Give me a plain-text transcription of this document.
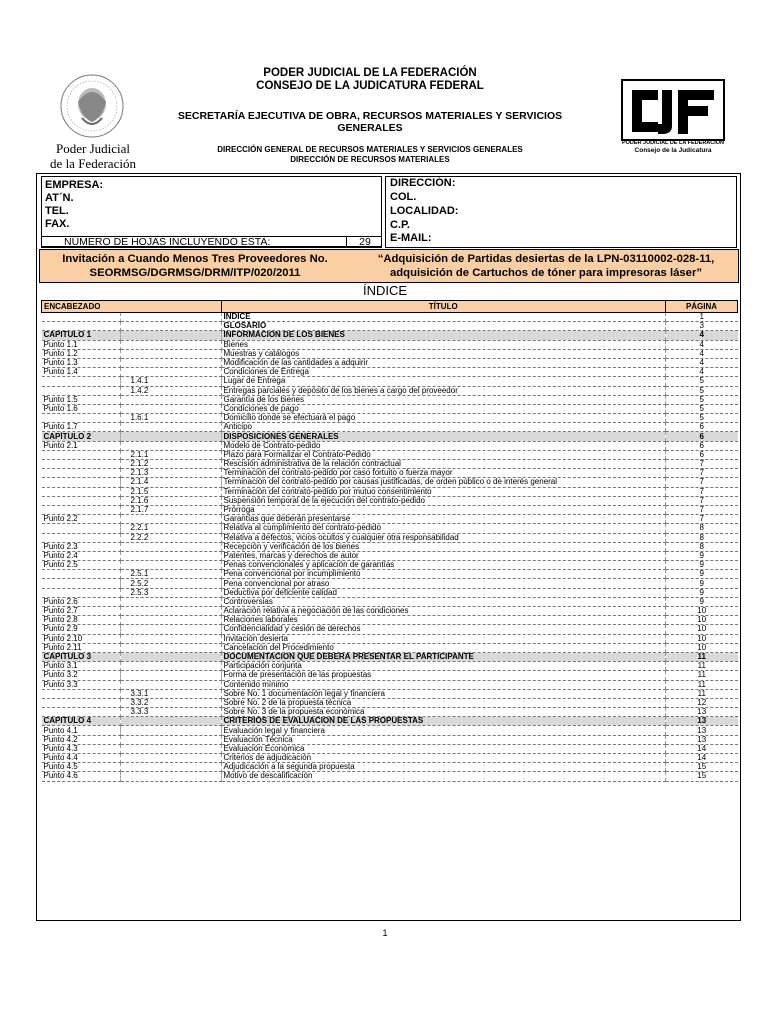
Poder Judicial
de la Federación
PODER JUDICIAL DE LA FEDERACIÓN
CONSEJO DE LA JUDICATURA FEDERAL
SECRETARÍA EJECUTIVA DE OBRA, RECURSOS MATERIALES Y SERVICIOS
GENERALES
DIRECCIÓN GENERAL DE RECURSOS MATERIALES Y SERVICIOS GENERALES
DIRECCIÓN DE RECURSOS MATERIALES
PODER JUDICIAL DE LA FEDERACIÓN
Consejo de la Judicatura
EMPRESA:
AT´N.
TEL.
FAX.
NÚMERO DE HOJAS INCLUYENDO ESTA:	29
DIRECCIÓN:
COL.
LOCALIDAD:
C.P.
E-MAIL:
Invitación a Cuando Menos Tres Proveedores No.
SEORMSG/DGRMSG/DRM/ITP/020/2011
“Adquisición de Partidas desiertas de la LPN-03110002-028-11,
adquisición de Cartuchos de tóner para impresoras láser”
ÍNDICE
ENCABEZADO		TÍTULO	PÁGINA
		INDICE	1
		GLOSARIO	3
CAPÍTULO 1		INFORMACIÓN DE LOS BIENES	4
Punto 1.1		Bienes	4
Punto 1.2		Muestras y catálogos	4
Punto 1.3		Modificación de las cantidades a adquirir	4
Punto 1.4		Condiciones de Entrega	4
	1.4.1	Lugar de Entrega	5
	1.4.2	Entregas parciales y depósito de los bienes a cargo del proveedor	5
Punto 1.5		Garantía de los bienes	5
Punto 1.6		Condiciones de pago	5
	1.6.1	Domicilio donde se efectuará el pago	5
Punto 1.7		Anticipo	6
CAPÍTULO 2		DISPOSICIONES GENERALES	6
Punto 2.1		Modelo de Contrato-pedido	6
	2.1.1	Plazo para Formalizar el Contrato-Pedido	6
	2.1.2	Rescisión administrativa de la relación contractual	7
	2.1.3	Terminación del contrato-pedido por caso fortuito o fuerza mayor	7
	2.1.4	Terminación del contrato-pedido por causas justificadas, de orden público o de interés general	7
	2.1.5	Terminación del contrato-pedido por mutuo consentimiento	7
	2.1.6	Suspensión temporal de la ejecución del contrato-pedido	7
	2.1.7	Prórroga	7
Punto 2.2		Garantías que deberán presentarse	7
	2.2.1	Relativa al cumplimiento del contrato-pedido	8
	2.2.2	Relativa a defectos, vicios ocultos y cualquier otra responsabilidad	8
Punto 2.3		Recepción y verificación de los bienes	8
Punto 2.4		Patentes, marcas y derechos de autor	9
Punto 2.5		Penas convencionales y aplicación de garantías	9
	2.5.1	Pena convencional por incumplimiento	9
	2.5.2	Pena convencional por atraso	9
	2.5.3	Deductiva por deficiente calidad	9
Punto 2.6		Controversias	9
Punto 2.7		Aclaración relativa a negociación de las condiciones	10
Punto 2.8		Relaciones laborales	10
Punto 2.9		Confidencialidad y cesión de derechos	10
Punto 2.10		Invitación desierta	10
Punto 2.11		Cancelación del Procedimiento	10
CAPÍTULO 3		DOCUMENTACIÓN QUE DEBERÁ PRESENTAR EL PARTICIPANTE	11
Punto 3.1		Participación conjunta	11
Punto 3.2		Forma de presentación de las propuestas	11
Punto 3.3		Contenido mínimo	11
	3.3.1	Sobre No. 1 documentación legal y financiera	11
	3.3.2	Sobre No. 2 de la propuesta técnica	12
	3.3.3	Sobre No. 3 de la propuesta económica	13
CAPÍTULO 4		CRITERIOS DE EVALUACIÓN DE LAS PROPUESTAS	13
Punto 4.1		Evaluación legal y financiera	13
Punto 4.2		Evaluación Técnica	13
Punto 4.3		Evaluación Económica	14
Punto 4.4		Criterios de adjudicación	14
Punto 4.5		Adjudicación a la segunda propuesta	15
Punto 4.6		Motivo de descalificación	15
1
